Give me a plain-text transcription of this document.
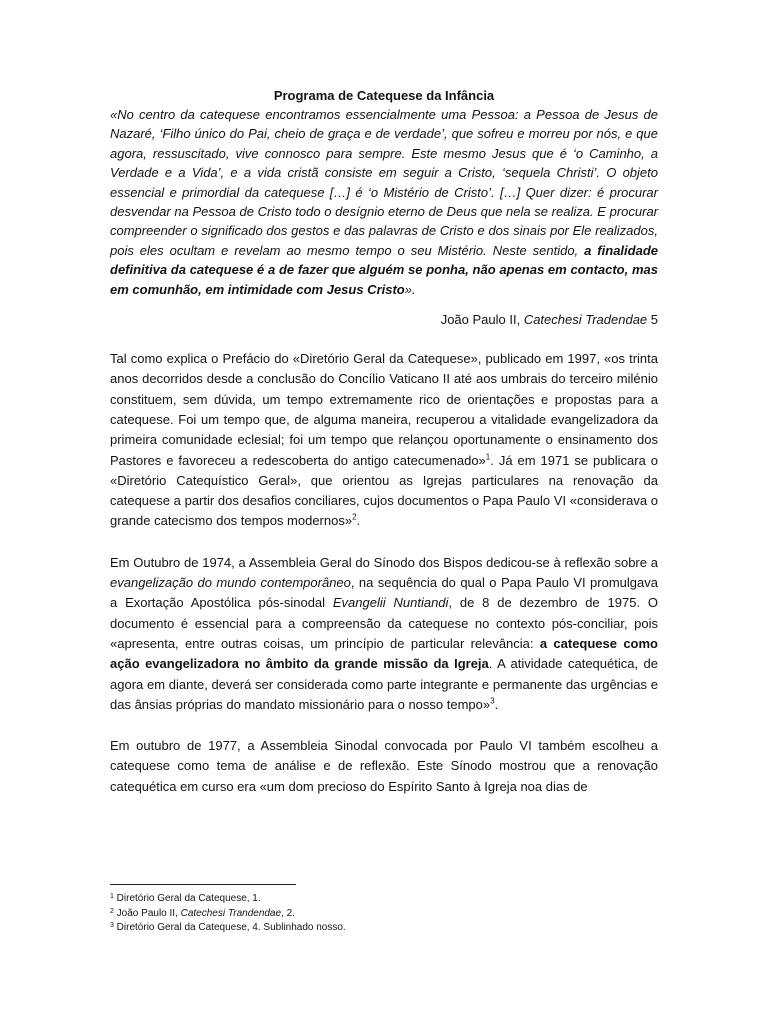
Programa de Catequese da Infância

«No centro da catequese encontramos essencialmente uma Pessoa: a Pessoa de Jesus de Nazaré, ‘Filho único do Pai, cheio de graça e de verdade’, que sofreu e morreu por nós, e que agora, ressuscitado, vive connosco para sempre. Este mesmo Jesus que é ‘o Caminho, a Verdade e a Vida’, e a vida cristã consiste em seguir a Cristo, ‘sequela Christi’. O objeto essencial e primordial da catequese […] é ‘o Mistério de Cristo’. […] Quer dizer: é procurar desvendar na Pessoa de Cristo todo o desígnio eterno de Deus que nela se realiza. E procurar compreender o significado dos gestos e das palavras de Cristo e dos sinais por Ele realizados, pois eles ocultam e revelam ao mesmo tempo o seu Mistério. Neste sentido, a finalidade definitiva da catequese é a de fazer que alguém se ponha, não apenas em contacto, mas em comunhão, em intimidade com Jesus Cristo».

João Paulo II, Catechesi Tradendae 5

Tal como explica o Prefácio do «Diretório Geral da Catequese», publicado em 1997, «os trinta anos decorridos desde a conclusão do Concílio Vaticano II até aos umbrais do terceiro milénio constituem, sem dúvida, um tempo extremamente rico de orientações e propostas para a catequese. Foi um tempo que, de alguma maneira, recuperou a vitalidade evangelizadora da primeira comunidade eclesial; foi um tempo que relançou oportunamente o ensinamento dos Pastores e favoreceu a redescoberta do antigo catecumenado»$^1$. Já em 1971 se publicara o «Diretório Catequístico Geral», que orientou as Igrejas particulares na renovação da catequese a partir dos desafios conciliares, cujos documentos o Papa Paulo VI «considerava o grande catecismo dos tempos modernos»$^2$.

Em Outubro de 1974, a Assembleia Geral do Sínodo dos Bispos dedicou-se à reflexão sobre a evangelização do mundo contemporâneo, na sequência do qual o Papa Paulo VI promulgava a Exortação Apostólica pós-sinodal Evangelii Nuntiandi, de 8 de dezembro de 1975. O documento é essencial para a compreensão da catequese no contexto pós-conciliar, pois «apresenta, entre outras coisas, um princípio de particular relevância: a catequese como ação evangelizadora no âmbito da grande missão da Igreja. A atividade catequética, de agora em diante, deverá ser considerada como parte integrante e permanente das urgências e das ânsias próprias do mandato missionário para o nosso tempo»$^3$.

Em outubro de 1977, a Assembleia Sinodal convocada por Paulo VI também escolheu a catequese como tema de análise e de reflexão. Este Sínodo mostrou que a renovação catequética em curso era «um dom precioso do Espírito Santo à Igreja noa dias de

$^1$ Diretório Geral da Catequese, 1.

$^2$ João Paulo II, Catechesi Trandendae, 2.

$^3$ Diretório Geral da Catequese, 4. Sublinhado nosso.
